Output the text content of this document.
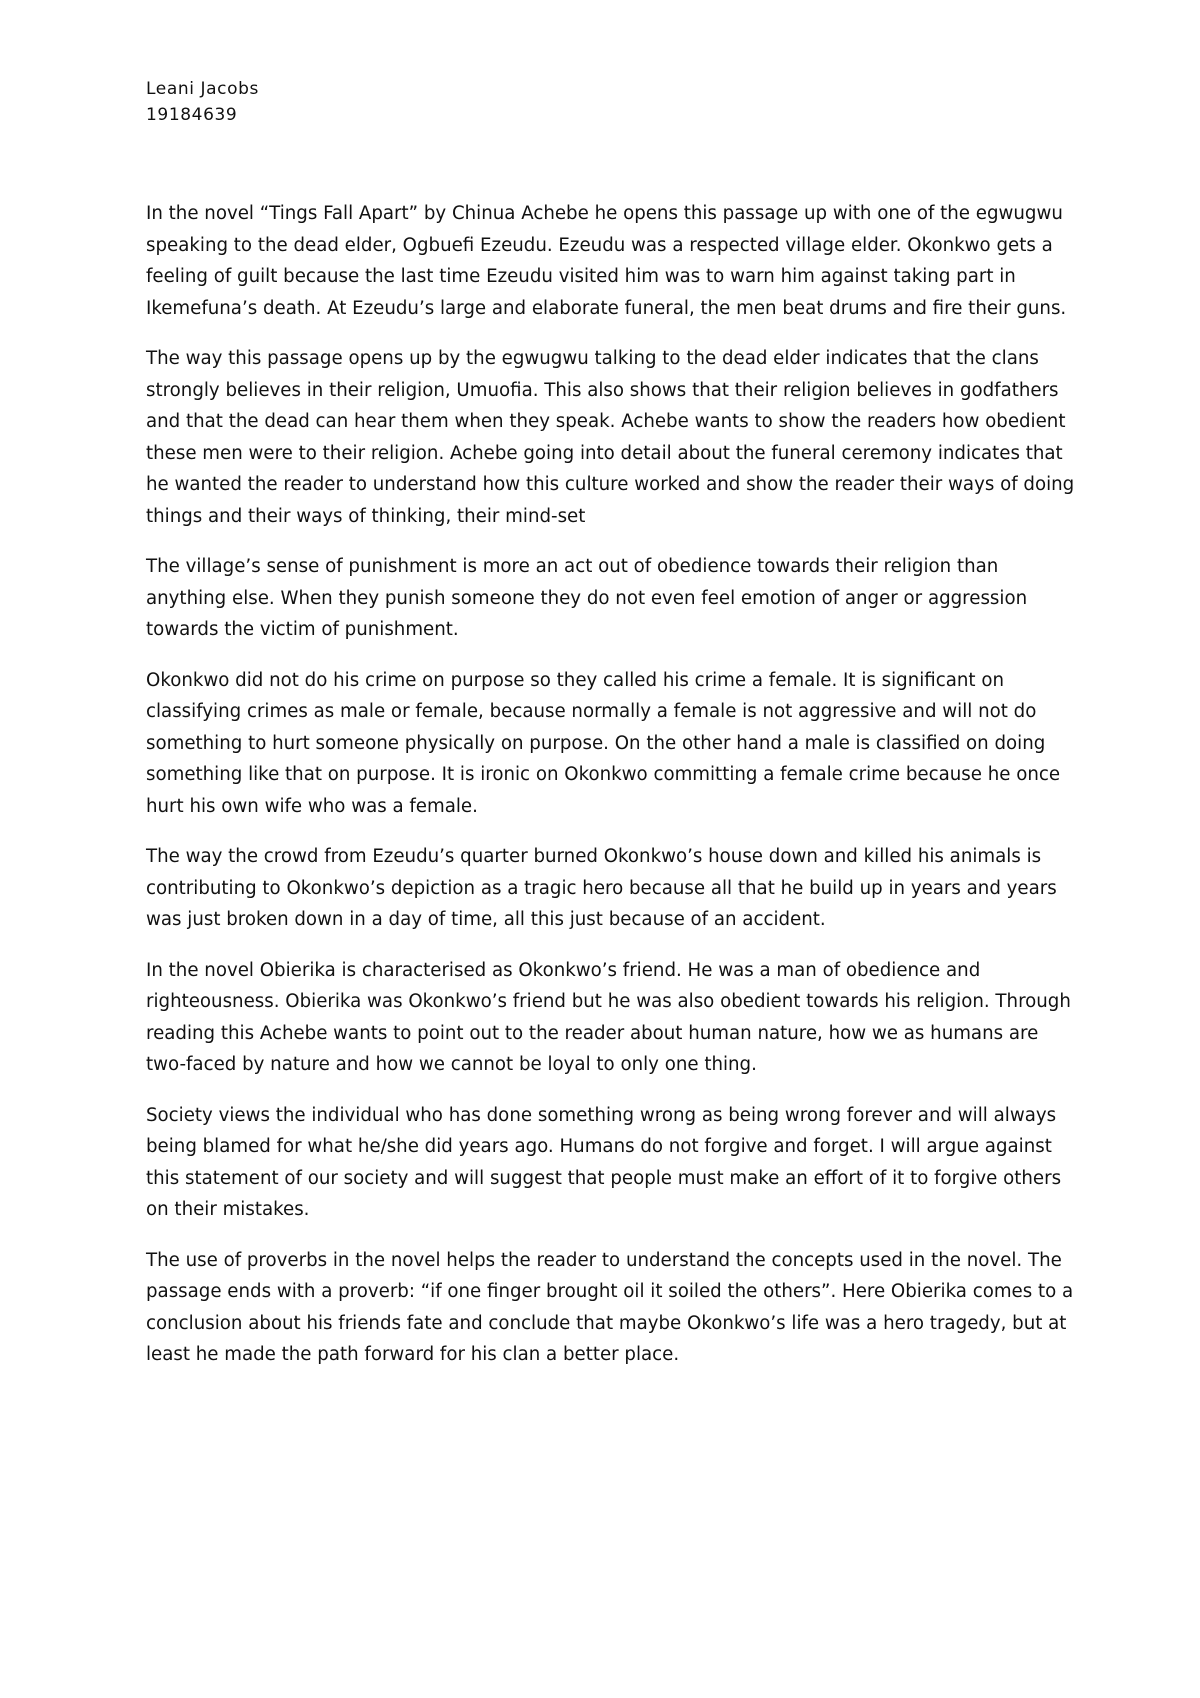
Leani Jacobs
19184639

In the novel “Tings Fall Apart” by Chinua Achebe he opens this passage up with one of the egwugwu speaking to the dead elder, Ogbuefi Ezeudu. Ezeudu was a respected village elder. Okonkwo gets a feeling of guilt because the last time Ezeudu visited him was to warn him against taking part in Ikemefuna’s death. At Ezeudu’s large and elaborate funeral, the men beat drums and fire their guns.

The way this passage opens up by the egwugwu talking to the dead elder indicates that the clans strongly believes in their religion, Umuofia. This also shows that their religion believes in godfathers and that the dead can hear them when they speak. Achebe wants to show the readers how obedient these men were to their religion. Achebe going into detail about the funeral ceremony indicates that he wanted the reader to understand how this culture worked and show the reader their ways of doing things and their ways of thinking, their mind-set

The village’s sense of punishment is more an act out of obedience towards their religion than anything else. When they punish someone they do not even feel emotion of anger or aggression towards the victim of punishment.

Okonkwo did not do his crime on purpose so they called his crime a female. It is significant on classifying crimes as male or female, because normally a female is not aggressive and will not do something to hurt someone physically on purpose. On the other hand a male is classified on doing something like that on purpose. It is ironic on Okonkwo committing a female crime because he once hurt his own wife who was a female.

The way the crowd from Ezeudu’s quarter burned Okonkwo’s house down and killed his animals is contributing to Okonkwo’s depiction as a tragic hero because all that he build up in years and years was just broken down in a day of time, all this just because of an accident.

In the novel Obierika is characterised as Okonkwo’s friend. He was a man of obedience and righteousness. Obierika was Okonkwo’s friend but he was also obedient towards his religion. Through reading this Achebe wants to point out to the reader about human nature, how we as humans are two-faced by nature and how we cannot be loyal to only one thing.

Society views the individual who has done something wrong as being wrong forever and will always being blamed for what he/she did years ago. Humans do not forgive and forget. I will argue against this statement of our society and will suggest that people must make an effort of it to forgive others on their mistakes.

The use of proverbs in the novel helps the reader to understand the concepts used in the novel. The passage ends with a proverb: “if one finger brought oil it soiled the others”. Here Obierika comes to a conclusion about his friends fate and conclude that maybe Okonkwo’s life was a hero tragedy, but at least he made the path forward for his clan a better place.
